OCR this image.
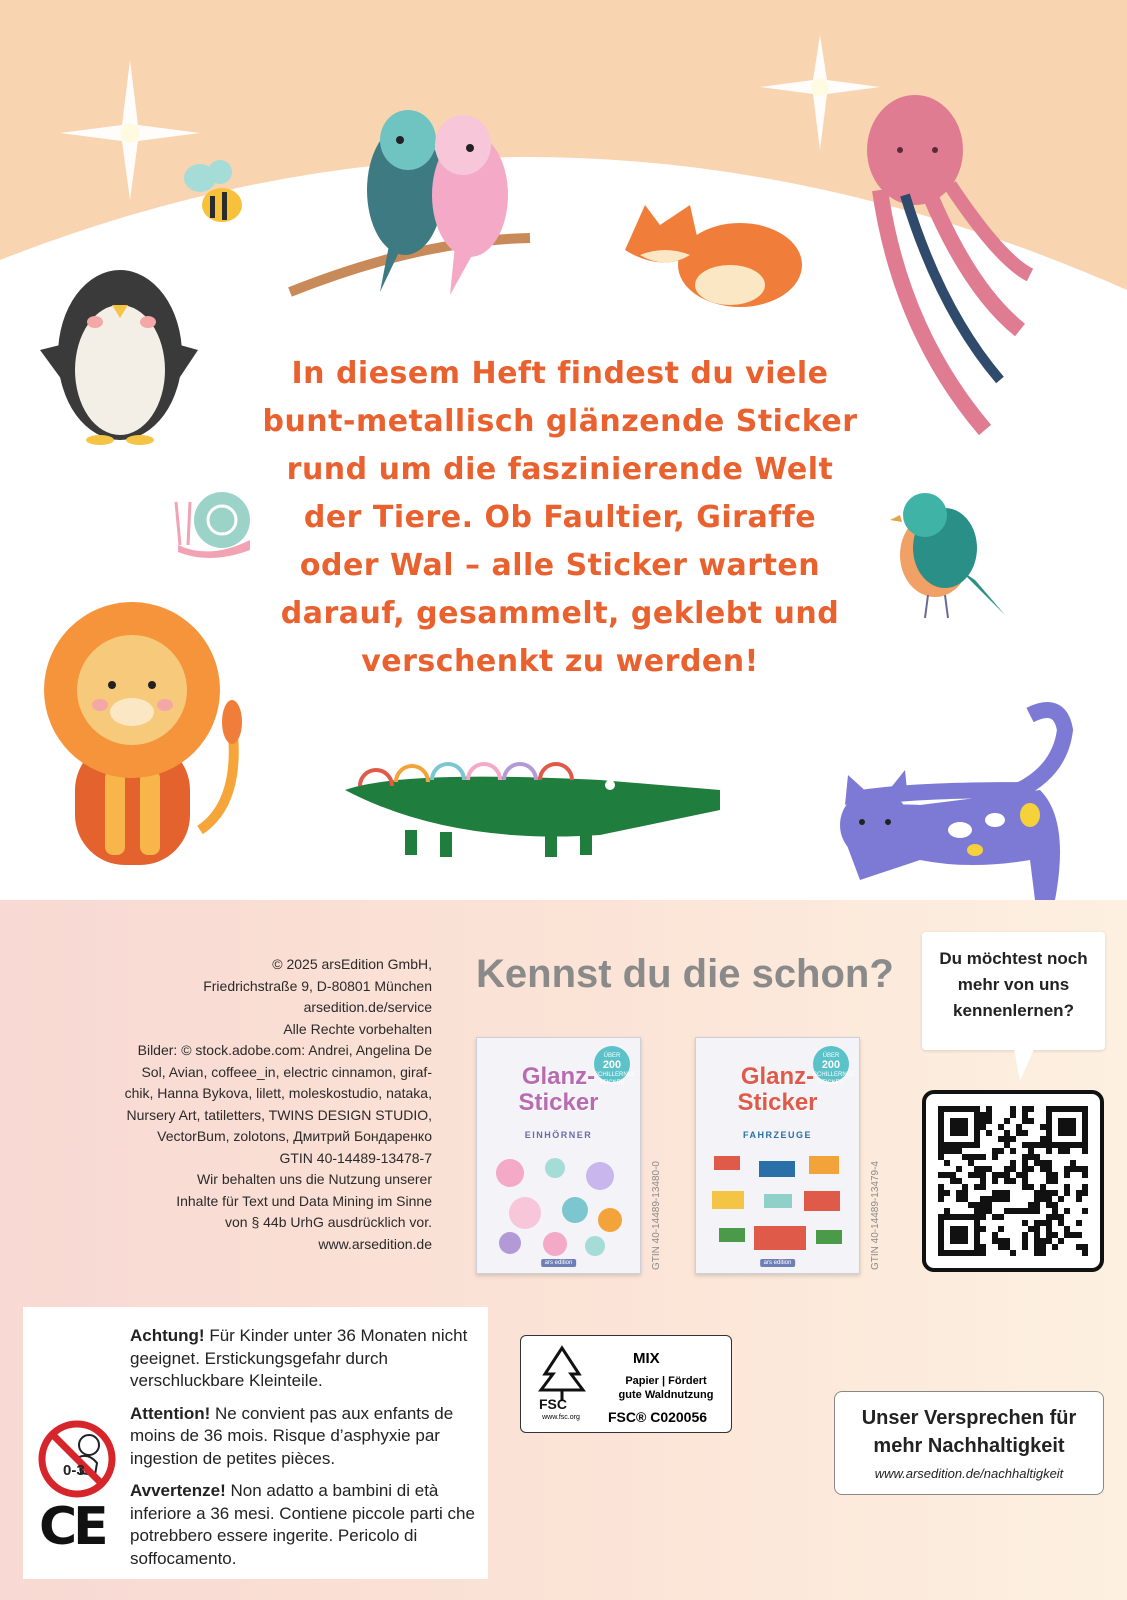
In diesem Heft findest du viele
bunt-metallisch glänzende Sticker
rund um die faszinierende Welt
der Tiere. Ob Faultier, Giraffe
oder Wal – alle Sticker warten
darauf, gesammelt, geklebt und
verschenkt zu werden!
© 2025 arsEdition GmbH,
Friedrichstraße 9, D-80801 München
arsedition.de/service
Alle Rechte vorbehalten
Bilder: © stock.adobe.com: Andrei, Angelina De
Sol, Avian, coffeee_in, electric cinnamon, giraf-
chik, Hanna Bykova, lilett, moleskostudio, nataka,
Nursery Art, tatiletters, TWINS DESIGN STUDIO,
VectorBum, zolotons, Дмитрий Бондаренко
GTIN 40-14489-13478-7
Wir behalten uns die Nutzung unserer
Inhalte für Text und Data Mining im Sinne
von § 44b UrhG ausdrücklich vor.
www.arsedition.de
Kennst du die schon?
ÜBER
200
SCHILLERNDE STICKER
Glanz-
Sticker
EINHÖRNER
ars edition	GTIN 40-14489-13480-0
ÜBER
200
SCHILLERNDE STICKER
Glanz-
Sticker
FAHRZEUGE
ars edition	GTIN 40-14489-13479-4
Du möchtest noch
mehr von uns
kennenlernen?
0-3
CE

Achtung! Für Kinder unter 36 Monaten nicht geeignet. Erstickungsgefahr durch verschluckbare Kleinteile.

Attention! Ne convient pas aux enfants de moins de 36 mois. Risque d’asphyxie par ingestion de petites pièces.

Avvertenze! Non adatto a bambini di età inferiore a 36 mesi. Contiene piccole parti che potrebbero essere ingerite. Pericolo di soffocamento.

FSC
www.fsc.org
MIX
Papier | Fördert
gute Waldnutzung
FSC® C020056	Unser Versprechen für
mehr Nachhaltigkeit
www.arsedition.de/nachhaltigkeit
